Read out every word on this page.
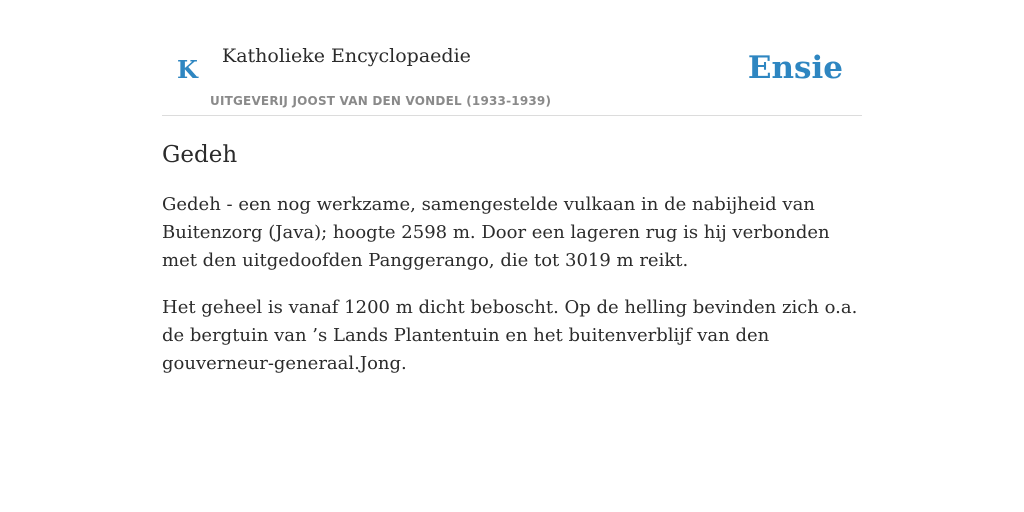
K Katholieke Encyclopaedie
UITGEVERIJ JOOST VAN DEN VONDEL (1933-1939)
Ensie
Gedeh

Gedeh - een nog werkzame, samengestelde vulkaan in de nabijheid van Buitenzorg (Java); hoogte 2598 m. Door een lageren rug is hij verbonden met den uitgedoofden Panggerango, die tot 3019 m reikt.

Het geheel is vanaf 1200 m dicht beboscht. Op de helling bevinden zich o.a. de bergtuin van ’s Lands Plantentuin en het buitenverblijf van den gouverneur-generaal.Jong.
